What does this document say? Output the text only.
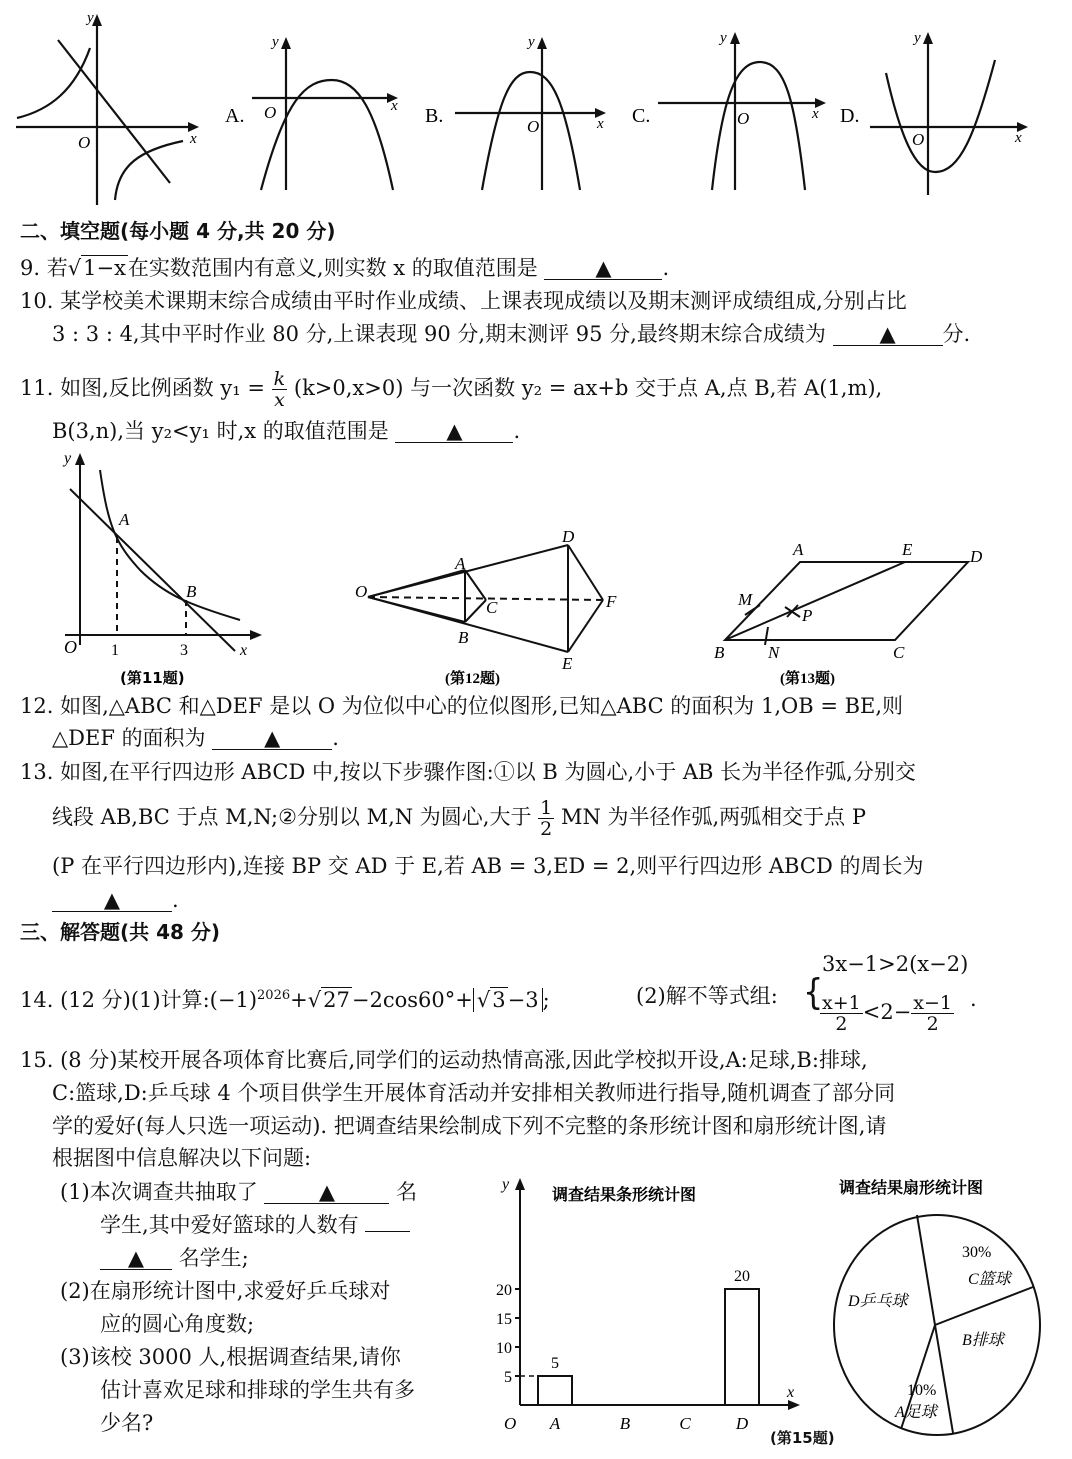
y
x
O
y
x
O
y
x
O
y
x
O
y
x
O
A.	B.	C.	D.
二、填空题(每小题 4 分,共 20 分)
9. 若√1−x在实数范围内有意义,则实数 x 的取值范围是	▲ .
10. 某学校美术课期末综合成绩由平时作业成绩、上课表现成绩以及期末测评成绩组成,分别占比
3 : 3 : 4,其中平时作业 80 分,上课表现 90 分,期末测评 95 分,最终期末综合成绩为	▲ 分.
11. 如图,反比例函数 $y_1 = \frac{k}{x} (k>0,x>0)$ 与一次函数 y₂ = ax+b 交于点 A,点 B,若 A(1,m),
B(3,n),当 y₂<y₁ 时,x 的取值范围是	▲ .
y
x
O
A
B
1	3
(第11题)
O
A
B
C
D
E
F
(第12题)
A	E	D
M
P
B	N	C
(第13题)
12. 如图,△ABC 和△DEF 是以 O 为位似中心的位似图形,已知△ABC 的面积为 1,OB = BE,则
△DEF 的面积为	▲ .
13. 如图,在平行四边形 ABCD 中,按以下步骤作图:①以 B 为圆心,小于 AB 长为半径作弧,分别交
线段 AB,BC 于点 M,N;②分别以 M,N 为圆心,大于 $\frac{1}{2}$ MN 为半径作弧,两弧相交于点 P
(P 在平行四边形内),连接 BP 交 AD 于 E,若 AB = 3,ED = 2,则平行四边形 ABCD 的周长为
▲ .
三、解答题(共 48 分)
14. (12 分)(1)计算$:(-1)^{2026}+√27-2\cos 60^\circ+ √3-3$ ;	(2)解不等式组: {
3x−1>2(x−2)
$\frac{x+1}{2} <2- \frac{x-1}{2}$ .
15. (8 分)某校开展各项体育比赛后,同学们的运动热情高涨,因此学校拟开设,A:足球,B:排球,
C:篮球,D:乒乓球 4 个项目供学生开展体育活动并安排相关教师进行指导,随机调查了部分同
学的爱好(每人只选一项运动). 把调查结果绘制成下列不完整的条形统计图和扇形统计图,请
根据图中信息解决以下问题:
(1)本次调查共抽取了	▲	名
学生,其中爱好篮球的人数有
▲ 名学生;
(2)在扇形统计图中,求爱好乒乓球对
应的圆心角度数;
(3)该校 3000 人,根据调查结果,请你
估计喜欢足球和排球的学生共有多
少名?
调查结果条形统计图
y
x
O
5
10
15
20
A
5
B	C	D
20
调查结果扇形统计图
30%
C篮球
B排球
10%
A足球
D乒乓球
(第15题)
